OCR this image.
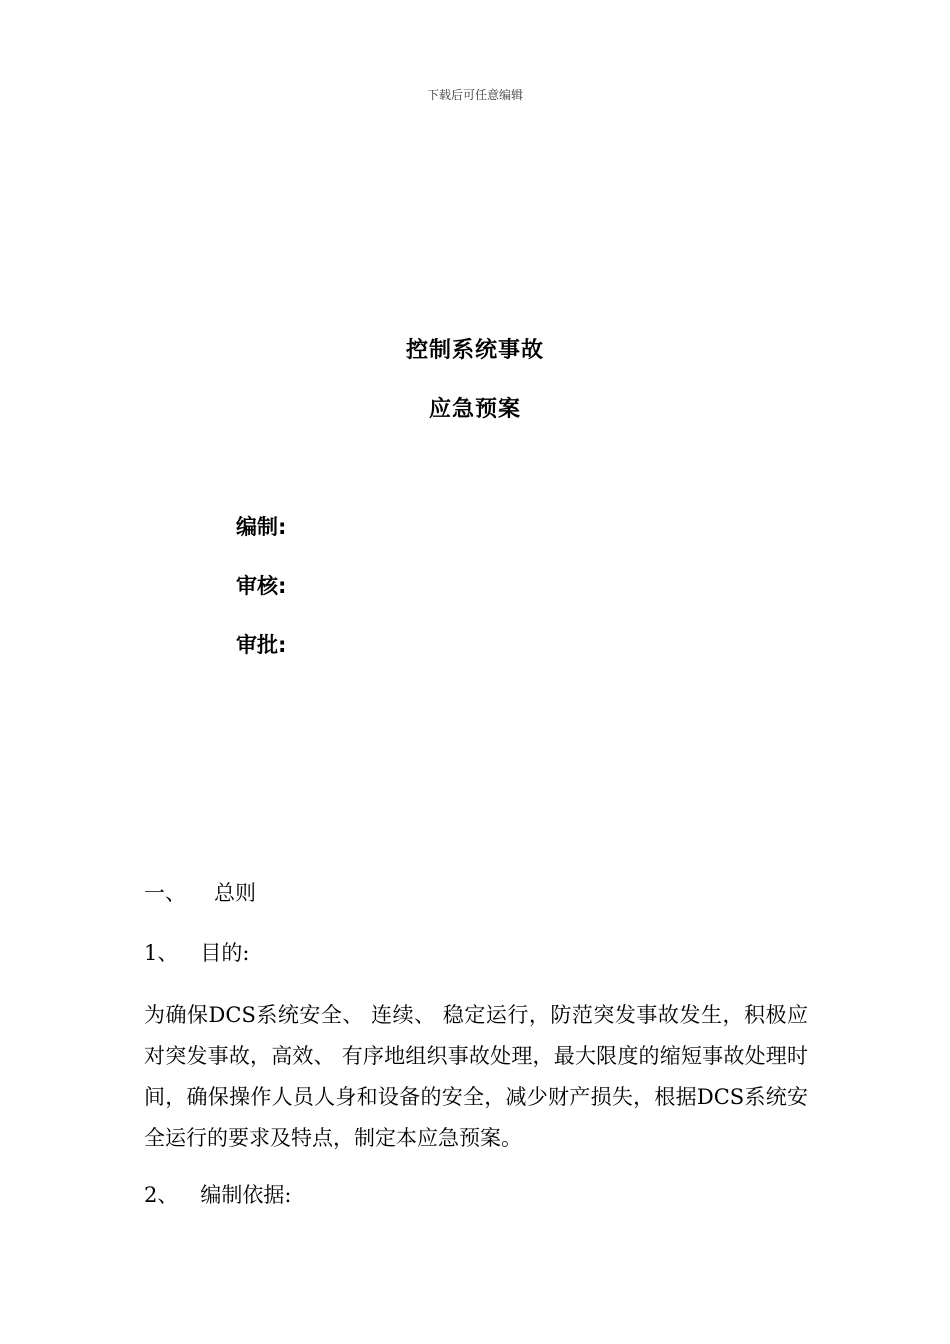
下载后可任意编辑
控制系统事故
应急预案
编制:
审核:
审批:
一、 总则
1、 目的:
为确保DCS系统安全、 连续、 稳定运行，防范突发事故发生，积极应对突发事故，高效、 有序地组织事故处理，最大限度的缩短事故处理时间，确保操作人员人身和设备的安全，减少财产损失，根据DCS系统安全运行的要求及特点，制定本应急预案。
2、 编制依据:
